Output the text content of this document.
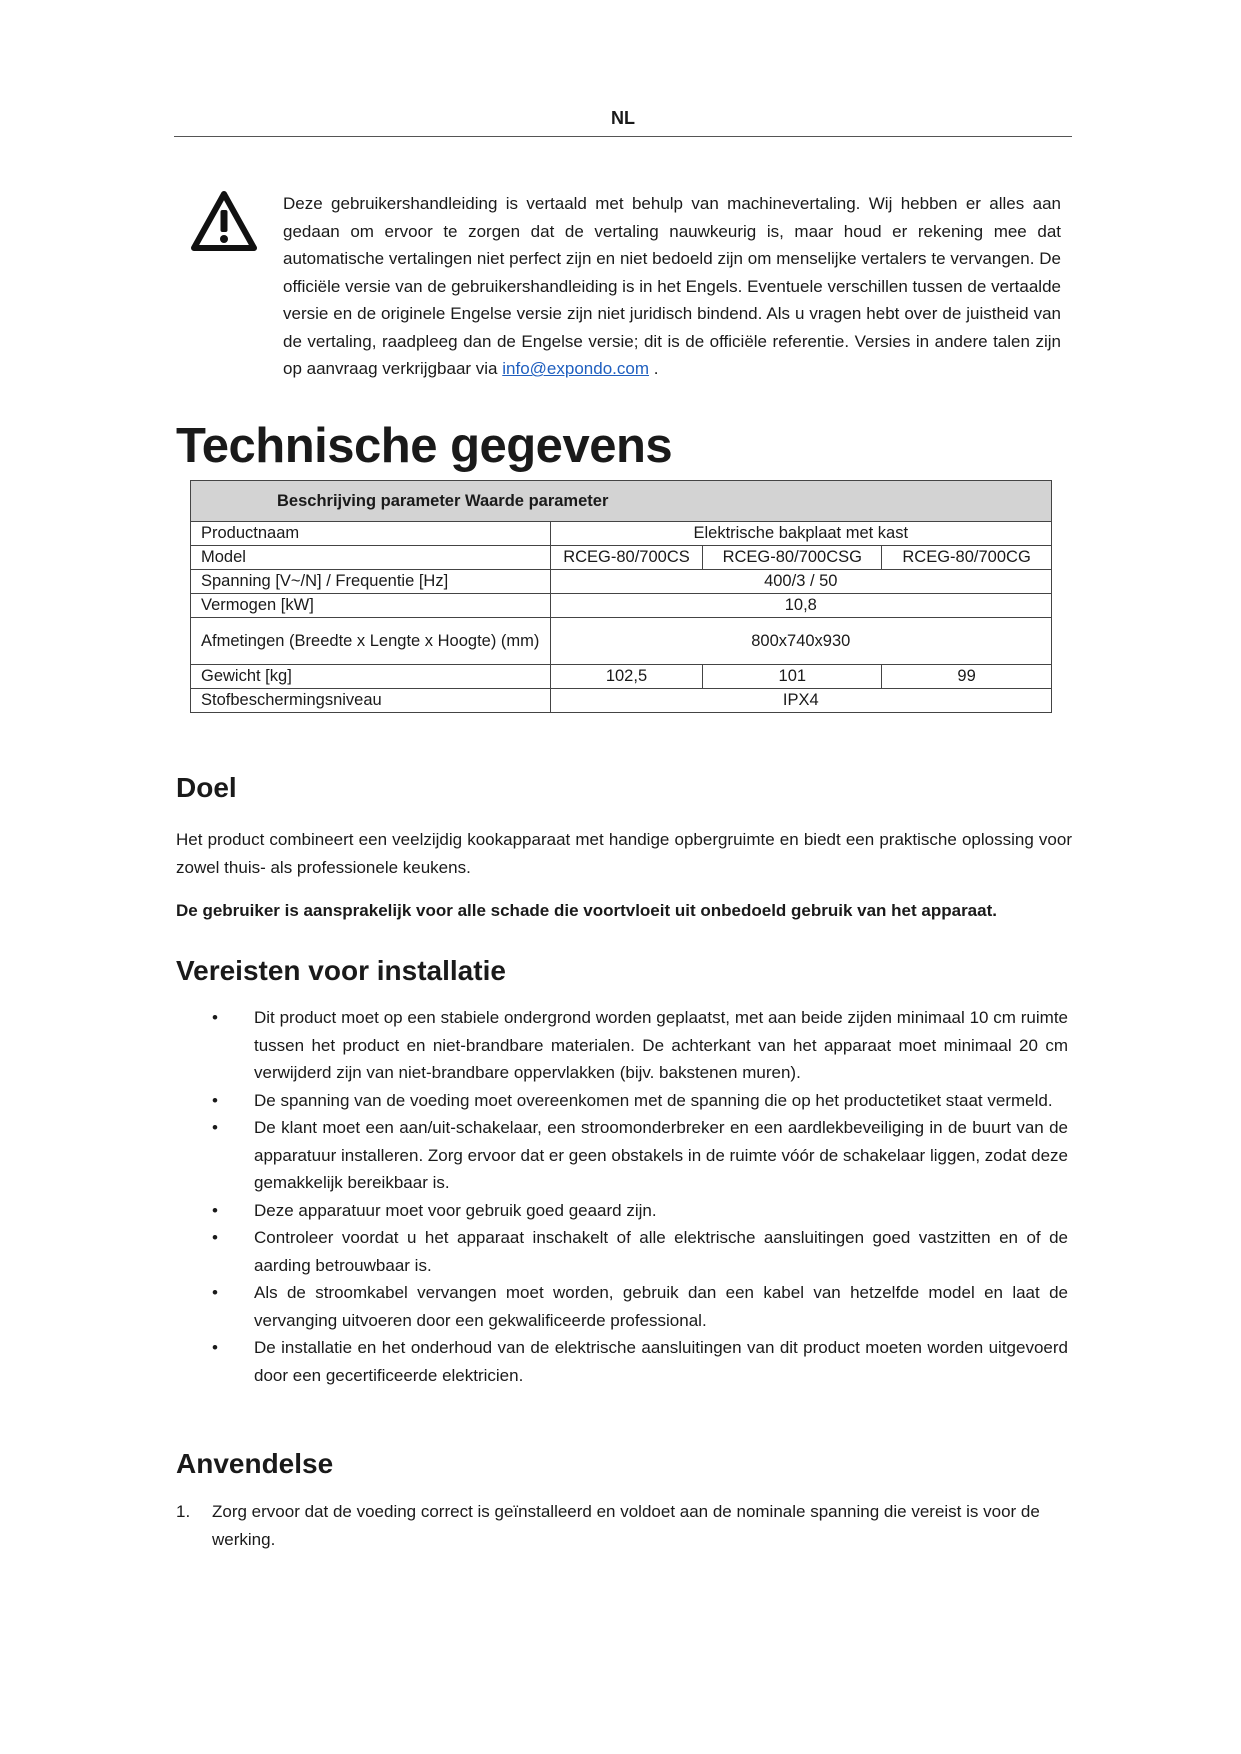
NL
Deze gebruikershandleiding is vertaald met behulp van machinevertaling. Wij hebben er alles aan gedaan om ervoor te zorgen dat de vertaling nauwkeurig is, maar houd er rekening mee dat automatische vertalingen niet perfect zijn en niet bedoeld zijn om menselijke vertalers te vervangen. De officiële versie van de gebruikershandleiding is in het Engels. Eventuele verschillen tussen de vertaalde versie en de originele Engelse versie zijn niet juridisch bindend. Als u vragen hebt over de juistheid van de vertaling, raadpleeg dan de Engelse versie; dit is de officiële referentie. Versies in andere talen zijn op aanvraag verkrijgbaar via info@expondo.com .
Technische gegevens
Beschrijving parameter Waarde parameter			
Productnaam	Elektrische bakplaat met kast		
Model	RCEG-80/700CS	RCEG-80/700CSG	RCEG-80/700CG
Spanning [V~/N] / Frequentie [Hz]	400/3 / 50		
Vermogen [kW]	10,8		
Afmetingen (Breedte x Lengte x Hoogte) (mm)	800x740x930		
Gewicht [kg]	102,5	101	99
Stofbeschermingsniveau	IPX4		
Doel
Het product combineert een veelzijdig kookapparaat met handige opbergruimte en biedt een praktische oplossing voor zowel thuis- als professionele keukens.
De gebruiker is aansprakelijk voor alle schade die voortvloeit uit onbedoeld gebruik van het apparaat.
Vereisten voor installatie
• Dit product moet op een stabiele ondergrond worden geplaatst, met aan beide zijden minimaal 10 cm ruimte tussen het product en niet-brandbare materialen. De achterkant van het apparaat moet minimaal 20 cm verwijderd zijn van niet-brandbare oppervlakken (bijv. bakstenen muren).
• De spanning van de voeding moet overeenkomen met de spanning die op het productetiket staat vermeld.
• De klant moet een aan/uit-schakelaar, een stroomonderbreker en een aardlekbeveiliging in de buurt van de apparatuur installeren. Zorg ervoor dat er geen obstakels in de ruimte vóór de schakelaar liggen, zodat deze gemakkelijk bereikbaar is.
• Deze apparatuur moet voor gebruik goed geaard zijn.
• Controleer voordat u het apparaat inschakelt of alle elektrische aansluitingen goed vastzitten en of de aarding betrouwbaar is.
• Als de stroomkabel vervangen moet worden, gebruik dan een kabel van hetzelfde model en laat de vervanging uitvoeren door een gekwalificeerde professional.
• De installatie en het onderhoud van de elektrische aansluitingen van dit product moeten worden uitgevoerd door een gecertificeerde elektricien.
Anvendelse
1. Zorg ervoor dat de voeding correct is geïnstalleerd en voldoet aan de nominale spanning die vereist is voor de werking.
